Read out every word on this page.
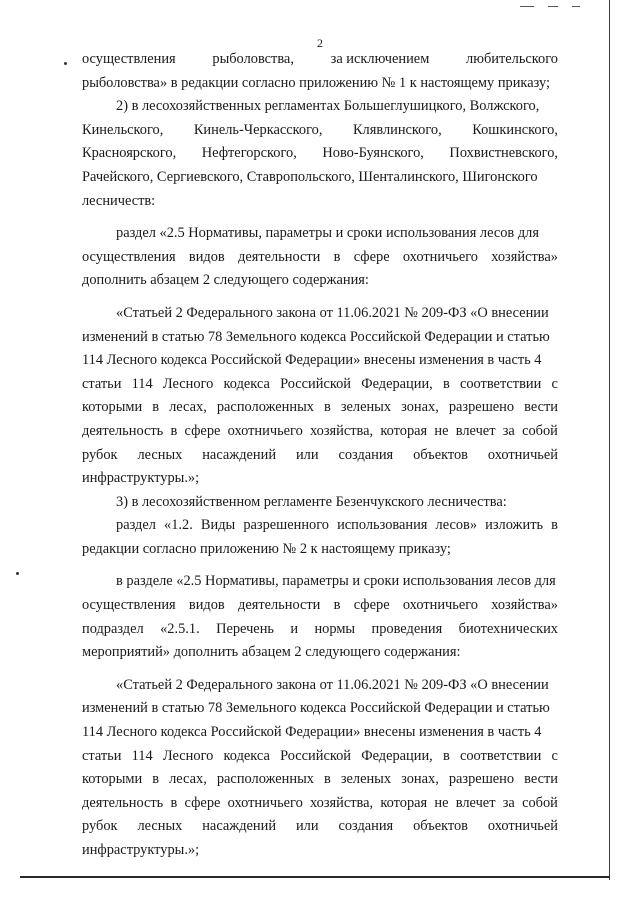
2
осуществления	рыболовства,	за исключением	любительского
рыболовства» в редакции согласно приложению № 1 к настоящему приказу;
2) в лесохозяйственных регламентах Большеглушицкого, Волжского,
Кинельского, Кинель-Черкасского, Клявлинского, Кошкинского,
Красноярского, Нефтегорского, Ново-Буянского, Похвистневского,
Рачейского, Сергиевского, Ставропольского, Шенталинского, Шигонского
лесничеств:
раздел «2.5 Нормативы, параметры и сроки использования лесов для
осуществления видов деятельности в сфере охотничьего хозяйства»
дополнить абзацем 2 следующего содержания:
«Статьей 2 Федерального закона от 11.06.2021 № 209-ФЗ «О внесении
изменений в статью 78 Земельного кодекса Российской Федерации и статью
114 Лесного кодекса Российской Федерации» внесены изменения в часть 4
статьи 114 Лесного кодекса Российской Федерации, в соответствии с
которыми в лесах, расположенных в зеленых зонах, разрешено вести
деятельность в сфере охотничьего хозяйства, которая не влечет за собой
рубок лесных насаждений или создания объектов охотничьей
инфраструктуры.»;
3) в лесохозяйственном регламенте Безенчукского лесничества:
раздел «1.2. Виды разрешенного использования лесов» изложить в
редакции согласно приложению № 2 к настоящему приказу;
в разделе «2.5 Нормативы, параметры и сроки использования лесов для
осуществления видов деятельности в сфере охотничьего хозяйства»
подраздел «2.5.1. Перечень и нормы проведения биотехнических
мероприятий» дополнить абзацем 2 следующего содержания:
«Статьей 2 Федерального закона от 11.06.2021 № 209-ФЗ «О внесении
изменений в статью 78 Земельного кодекса Российской Федерации и статью
114 Лесного кодекса Российской Федерации» внесены изменения в часть 4
статьи 114 Лесного кодекса Российской Федерации, в соответствии с
которыми в лесах, расположенных в зеленых зонах, разрешено вести
деятельность в сфере охотничьего хозяйства, которая не влечет за собой
рубок лесных насаждений или создания объектов охотничьей
инфраструктуры.»;
